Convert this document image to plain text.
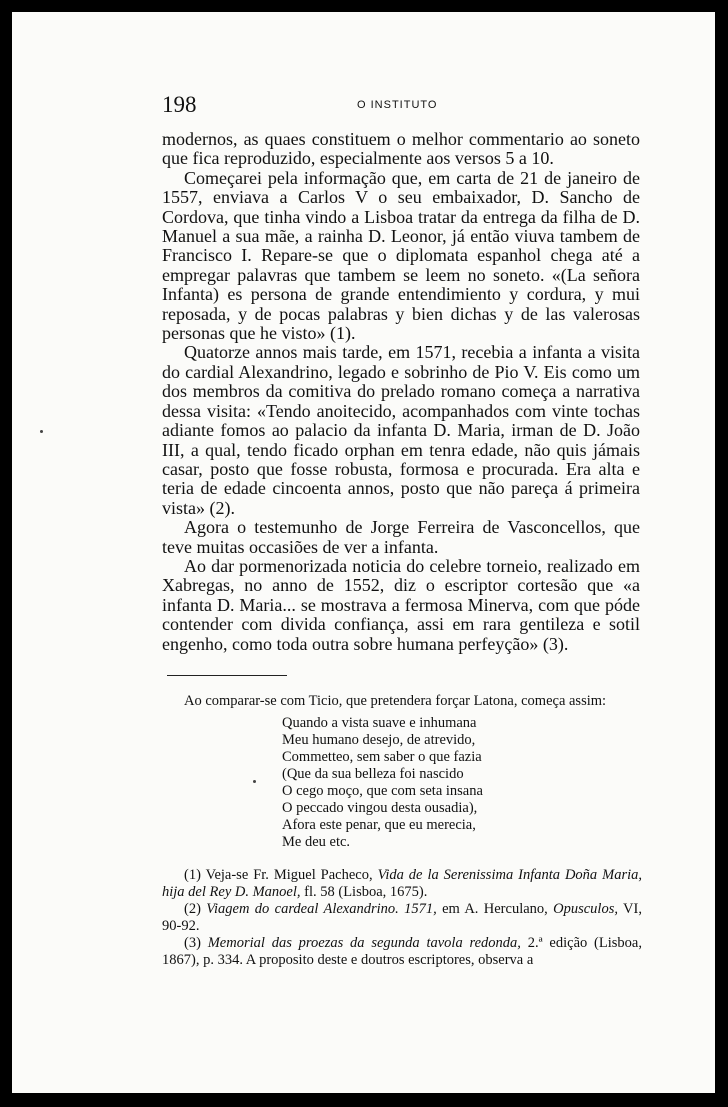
198	O INSTITUTO

modernos, as quaes constituem o melhor commentario ao soneto que fica reproduzido, especialmente aos versos 5 a 10.

Começarei pela informação que, em carta de 21 de janeiro de 1557, enviava a Carlos V o seu embaixador, D. Sancho de Cordova, que tinha vindo a Lisboa tratar da entrega da filha de D. Manuel a sua mãe, a rainha D. Leonor, já então viuva tambem de Francisco I. Repare-se que o diplomata espanhol chega até a empregar palavras que tambem se leem no soneto. «(La señora Infanta) es persona de grande entendimiento y cordura, y mui reposada, y de pocas palabras y bien dichas y de las valerosas personas que he visto» (1).

Quatorze annos mais tarde, em 1571, recebia a infanta a visita do cardial Alexandrino, legado e sobrinho de Pio V. Eis como um dos membros da comitiva do prelado romano começa a narrativa dessa visita: «Tendo anoitecido, acompanhados com vinte tochas adiante fomos ao palacio da infanta D. Maria, irman de D. João III, a qual, tendo ficado orphan em tenra edade, não quis jámais casar, posto que fosse robusta, formosa e procurada. Era alta e teria de edade cincoenta annos, posto que não pareça á primeira vista» (2).

Agora o testemunho de Jorge Ferreira de Vasconcellos, que teve muitas occasiões de ver a infanta.

Ao dar pormenorizada noticia do celebre torneio, realizado em Xabregas, no anno de 1552, diz o escriptor cortesão que «a infanta D. Maria... se mostrava a fermosa Minerva, com que póde contender com divida confiança, assi em rara gentileza e sotil engenho, como toda outra sobre humana perfeyção» (3).

Ao comparar-se com Ticio, que pretendera forçar Latona, começa assim:

Quando a vista suave e inhumana
Meu humano desejo, de atrevido,
Commetteo, sem saber o que fazia
(Que da sua belleza foi nascido
O cego moço, que com seta insana
O peccado vingou desta ousadia),
Afora este penar, que eu merecia,
Me deu etc.

(1) Veja-se Fr. Miguel Pacheco, Vida de la Serenissima Infanta Doña Maria, hija del Rey D. Manoel, fl. 58 (Lisboa, 1675).

(2) Viagem do cardeal Alexandrino. 1571, em A. Herculano, Opusculos, VI, 90-92.

(3) Memorial das proezas da segunda tavola redonda, 2.ª edição (Lisboa, 1867), p. 334. A proposito deste e doutros escriptores, observa a
